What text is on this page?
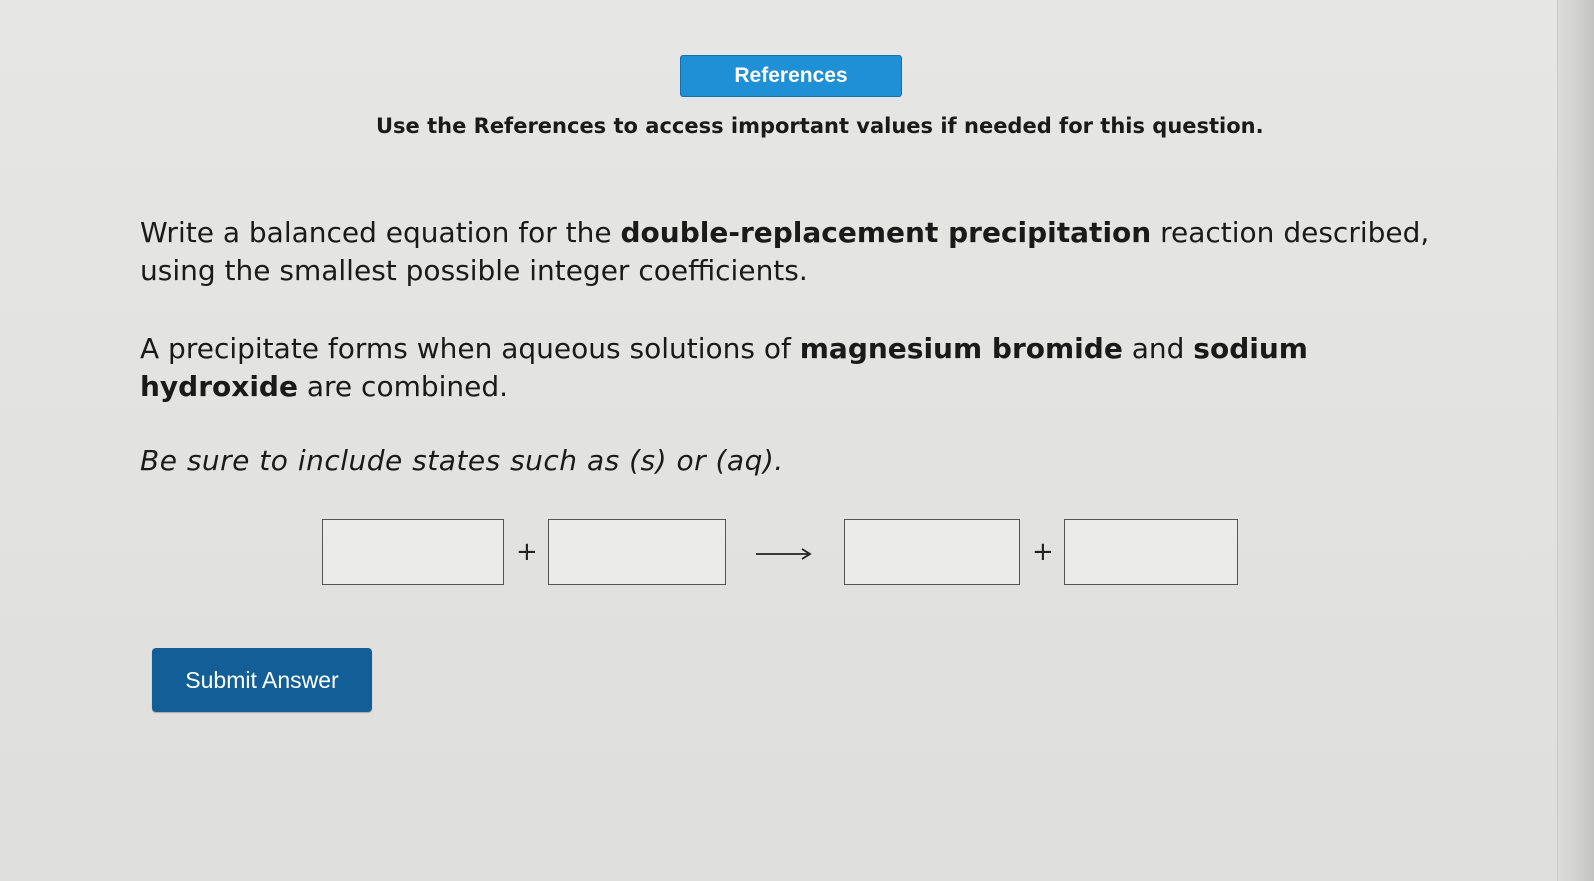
References
Use the References to access important values if needed for this question.
Write a balanced equation for the double-replacement precipitation reaction described, using the smallest possible integer coefficients.
A precipitate forms when aqueous solutions of magnesium bromide and sodium hydroxide are combined.
Be sure to include states such as (s) or (aq).
+	+
Submit Answer
